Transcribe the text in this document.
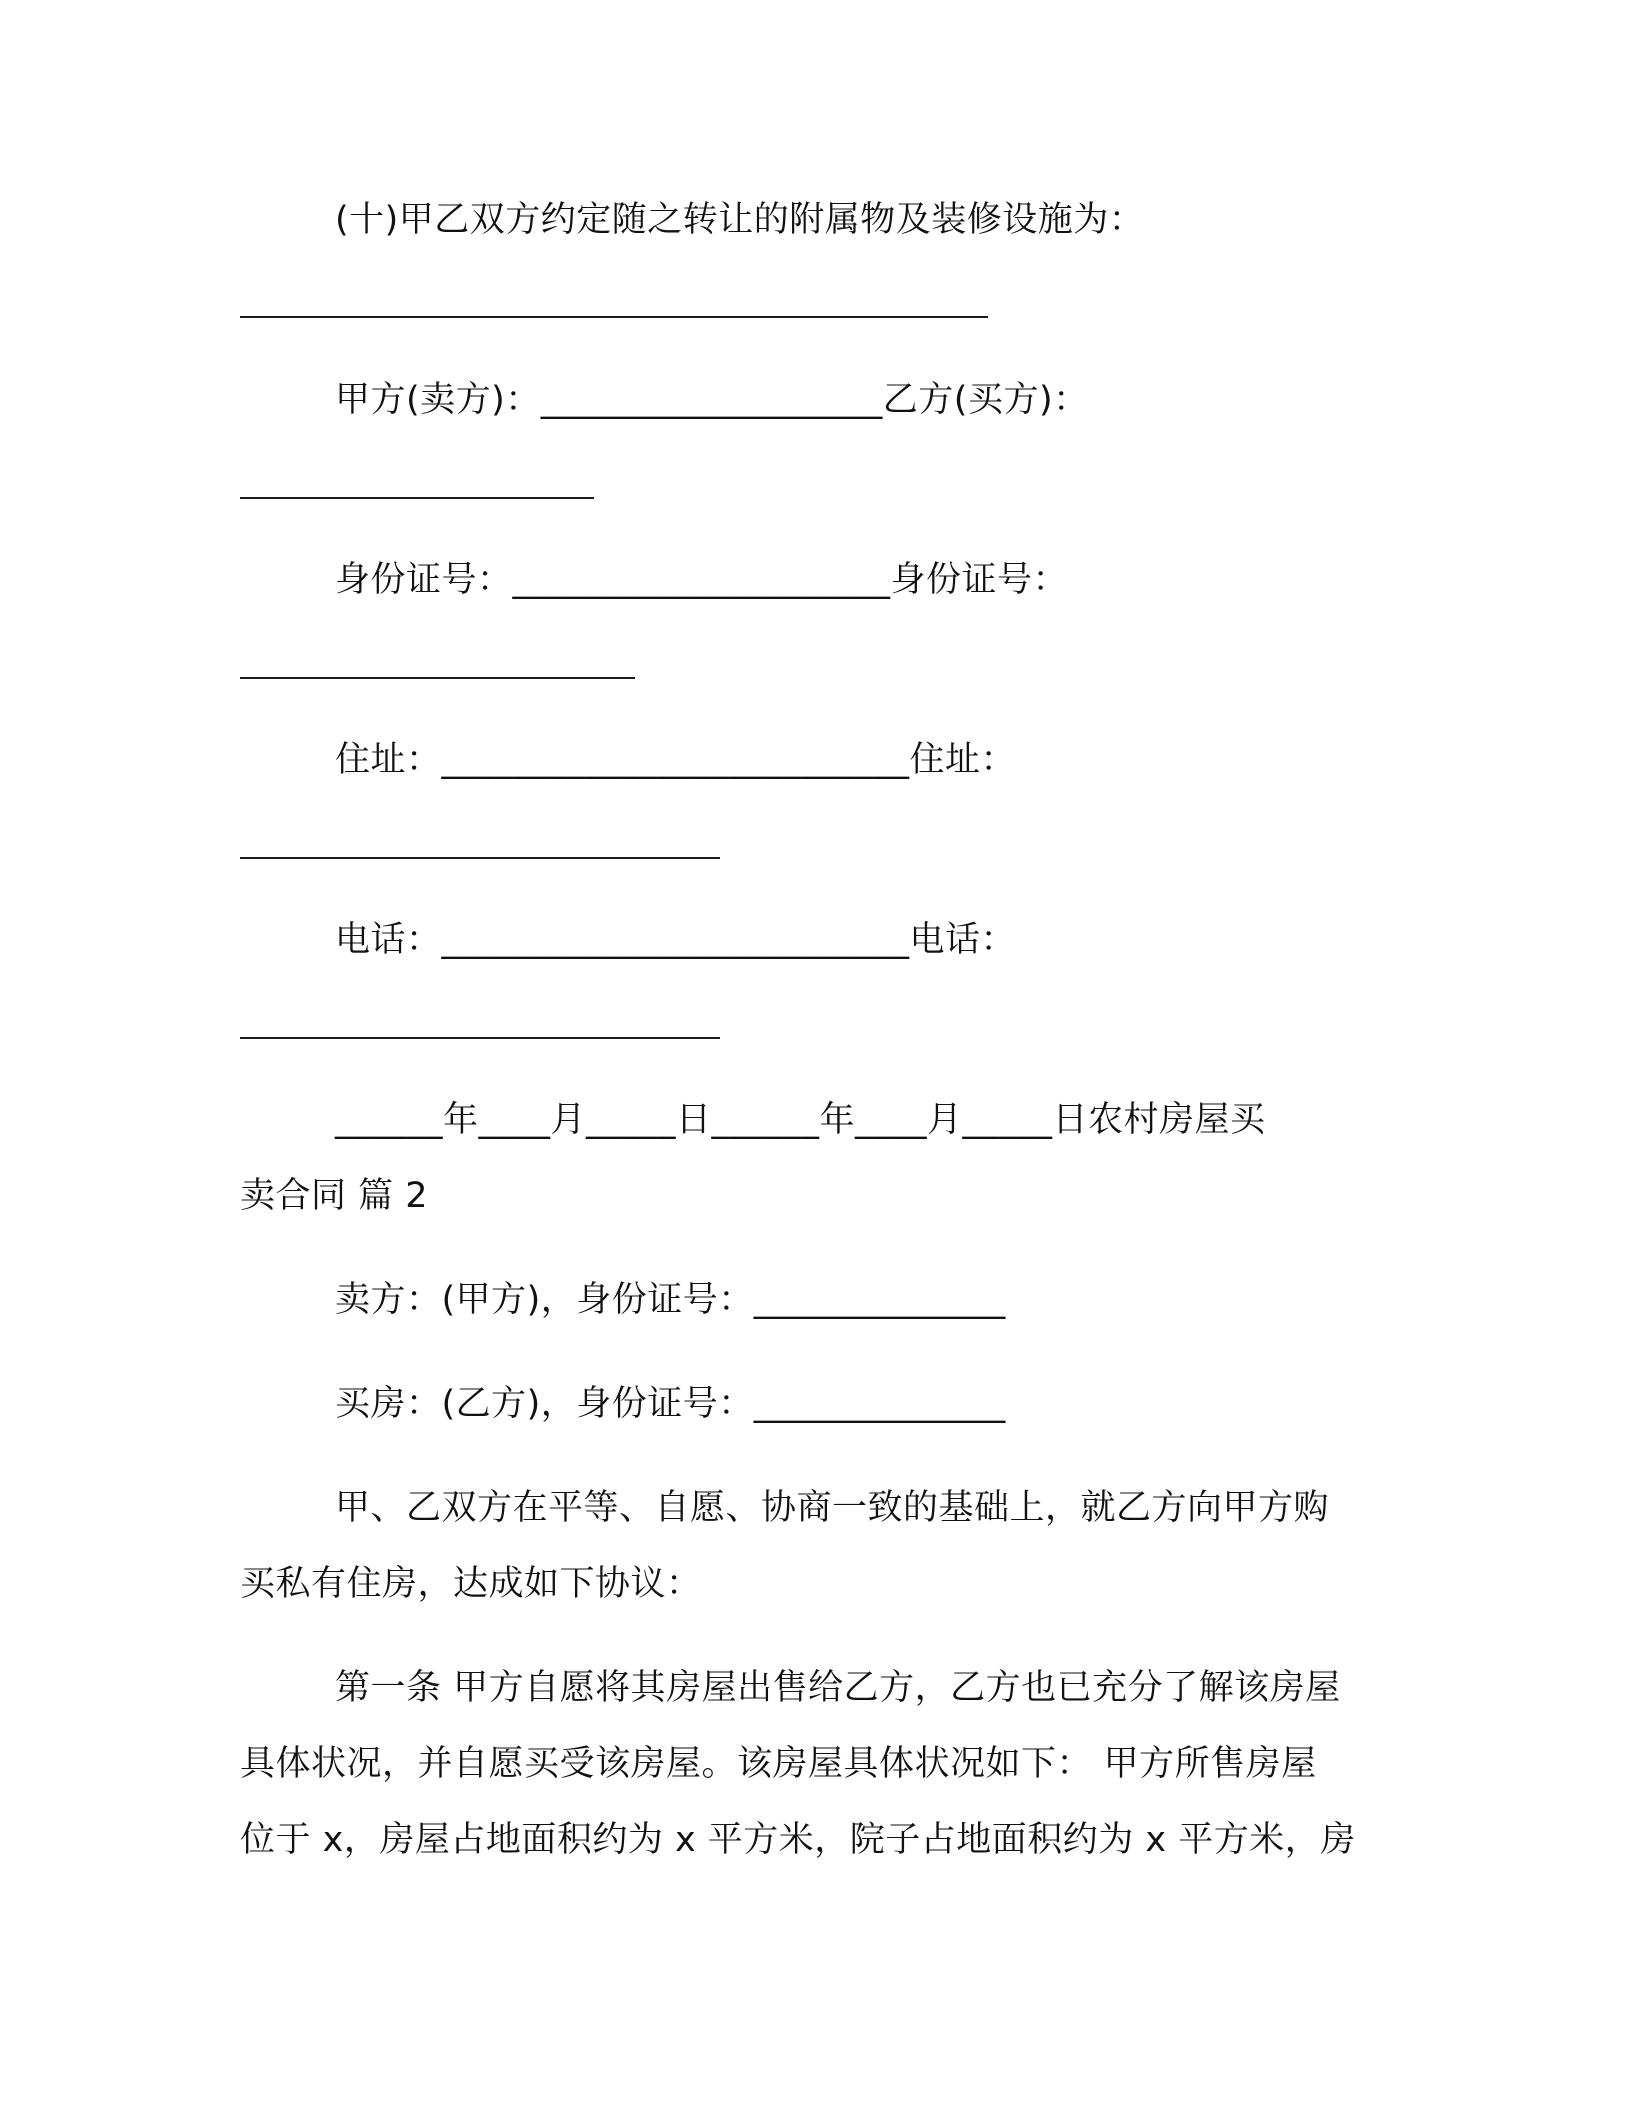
(十)甲乙双方约定随之转让的附属物及装修设施为：
甲方(卖方)：___________________乙方(买方)：
身份证号：_____________________身份证号：
住址：__________________________住址：
电话：__________________________电话：
______年____月_____日______年____月_____日农村房屋买
卖合同 篇 2
卖方：(甲方)，身份证号：______________
买房：(乙方)，身份证号：______________
甲、乙双方在平等、自愿、协商一致的基础上，就乙方向甲方购
买私有住房，达成如下协议：
第一条 甲方自愿将其房屋出售给乙方，乙方也已充分了解该房屋
具体状况，并自愿买受该房屋。该房屋具体状况如下： 甲方所售房屋
位于 x，房屋占地面积约为 x 平方米，院子占地面积约为 x 平方米，房
